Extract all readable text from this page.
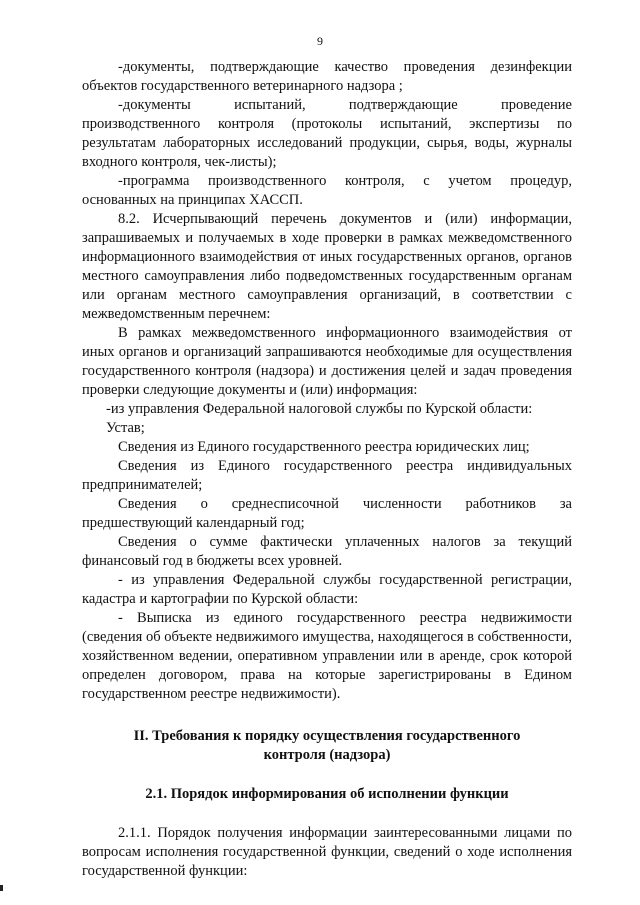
9

-документы, подтверждающие качество проведения дезинфекции объектов государственного ветеринарного надзора ;

-документы испытаний, подтверждающие проведение производственного контроля (протоколы испытаний, экспертизы по результатам лабораторных исследований продукции, сырья, воды, журналы входного контроля, чек-листы);

-программа производственного контроля, с учетом процедур, основанных на принципах ХАССП.

8.2. Исчерпывающий перечень документов и (или) информации, запрашиваемых и получаемых в ходе проверки в рамках межведомственного информационного взаимодействия от иных государственных органов, органов местного самоуправления либо подведомственных государственным органам или органам местного самоуправления организаций, в соответствии с межведомственным перечнем:

В рамках межведомственного информационного взаимодействия от иных органов и организаций запрашиваются необходимые для осуществления государственного контроля (надзора) и достижения целей и задач проведения проверки следующие документы и (или) информация:

-из управления Федеральной налоговой службы по Курской области:

Устав;

Сведения из Единого государственного реестра юридических лиц;

Сведения из Единого государственного реестра индивидуальных предпринимателей;

Сведения о среднесписочной численности работников за предшествующий календарный год;

Сведения о сумме фактически уплаченных налогов за текущий финансовый год в бюджеты всех уровней.

- из управления Федеральной службы государственной регистрации, кадастра и картографии по Курской области:

- Выписка из единого государственного реестра недвижимости (сведения об объекте недвижимого имущества, находящегося в собственности, хозяйственном ведении, оперативном управлении или в аренде, срок которой определен договором, права на которые зарегистрированы в Едином государственном реестре недвижимости).

II. Требования к порядку осуществления государственного контроля (надзора)

2.1. Порядок информирования об исполнении функции

2.1.1. Порядок получения информации заинтересованными лицами по вопросам исполнения государственной функции, сведений о ходе исполнения государственной функции:
